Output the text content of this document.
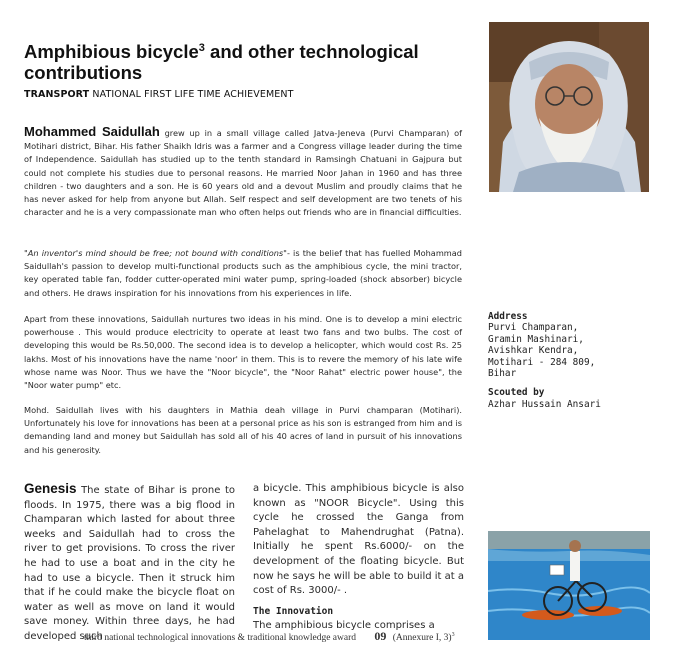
Amphibious bicycle$^3$ and other technological contributions
TRANSPORT NATIONAL FIRST LIFE TIME ACHIEVEMENT

Mohammed Saidullah grew up in a small village called Jatva-Jeneva (Purvi Champaran) of Motihari district, Bihar. His father Shaikh Idris was a farmer and a Congress village leader during the time of Independence. Saidullah has studied up to the tenth standard in Ramsingh Chatuani in Gajpura but could not complete his studies due to personal reasons. He married Noor Jahan in 1960 and has three children - two daughters and a son. He is 60 years old and a devout Muslim and proudly claims that he has never asked for help from anyone but Allah. Self respect and self development are two tenets of his character and he is a very compassionate man who often helps out friends who are in financial difficulties.

"An inventor's mind should be free; not bound with conditions"- is the belief that has fuelled Mohammad Saidullah's passion to develop multi-functional products such as the amphibious cycle, the mini tractor, key operated table fan, fodder cutter-operated mini water pump, spring-loaded (shock absorber) bicycle and others. He draws inspiration for his innovations from his experiences in life.

Apart from these innovations, Saidullah nurtures two ideas in his mind. One is to develop a mini electric powerhouse . This would produce electricity to operate at least two fans and two bulbs. The cost of developing this would be Rs.50,000. The second idea is to develop a helicopter, which would cost Rs. 25 lakhs. Most of his innovations have the name 'noor' in them. This is to revere the memory of his late wife whose name was Noor. Thus we have the "Noor bicycle", the "Noor Rahat" electric power house", the "Noor water pump" etc.

Mohd. Saidullah lives with his daughters in Mathia deah village in Purvi champaran (Motihari). Unfortunately his love for innovations has been at a personal price as his son is estranged from him and is demanding land and money but Saidullah has sold all of his 40 acres of land in pursuit of his innovations and his generosity.

Genesis The state of Bihar is prone to floods. In 1975, there was a big flood in Champaran which lasted for about three weeks and Saidullah had to cross the river to get provisions. To cross the river he had to use a boat and in the city he had to use a bicycle. Then it struck him that if he could make the bicycle float on water as well as move on land it would save money. Within three days, he had developed such

a bicycle. This amphibious bicycle is also known as "NOOR Bicycle". Using this cycle he crossed the Ganga from Pahelaghat to Mahendrughat (Patna). Initially he spent Rs.6000/- on the development of the floating bicycle. But now he says he will be able to build it at a cost of Rs. 3000/- .
The Innovation
The amphibious bicycle comprises a

Address
Purvi Champaran,
Gramin Mashinari,
Avishkar Kendra,
Motihari - 284 809,
Bihar
Scouted by
Azhar Hussain Ansari
third national technological innovations & traditional knowledge award 09 (Annexure I, 3)$^3$
